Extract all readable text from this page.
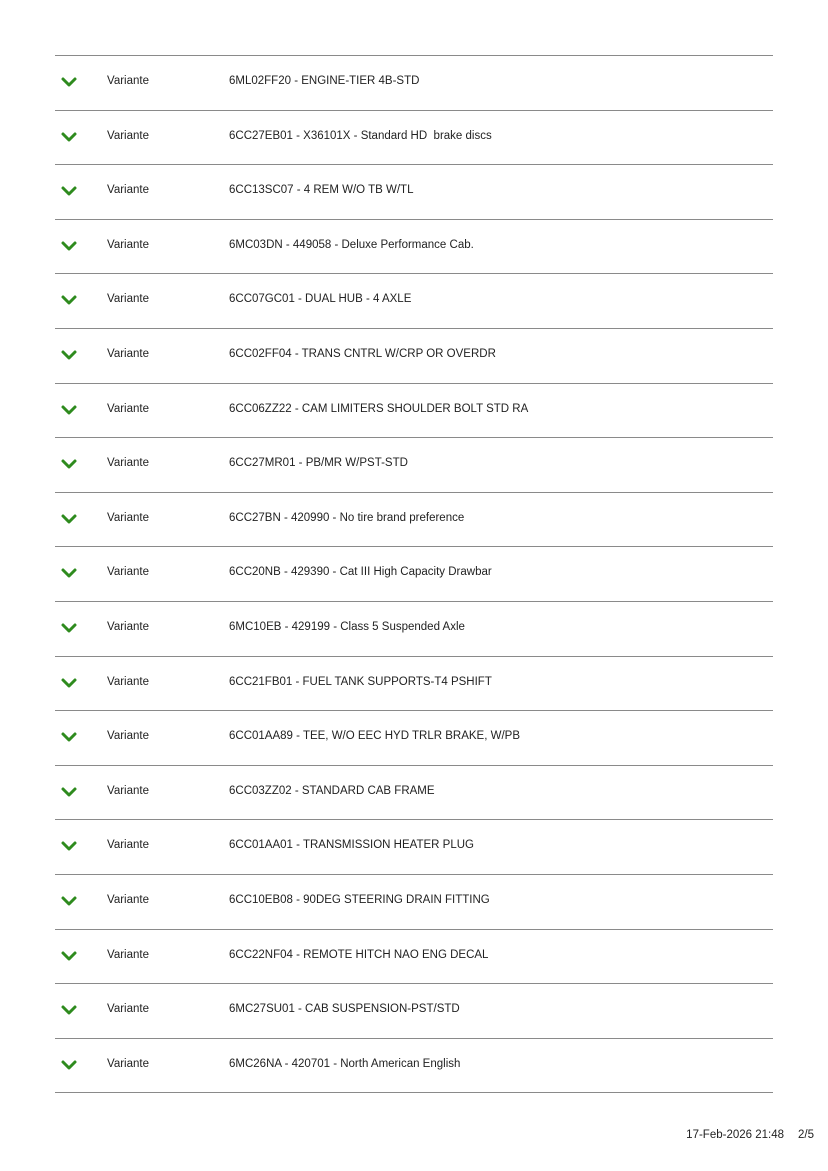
Variante	6ML02FF20 - ENGINE-TIER 4B-STD
Variante	6CC27EB01 - X36101X - Standard HD  brake discs
Variante	6CC13SC07 - 4 REM W/O TB W/TL
Variante	6MC03DN - 449058 - Deluxe Performance Cab.
Variante	6CC07GC01 - DUAL HUB - 4 AXLE
Variante	6CC02FF04 - TRANS CNTRL W/CRP OR OVERDR
Variante	6CC06ZZ22 - CAM LIMITERS SHOULDER BOLT STD RA
Variante	6CC27MR01 - PB/MR W/PST-STD
Variante	6CC27BN - 420990 - No tire brand preference
Variante	6CC20NB - 429390 - Cat III High Capacity Drawbar
Variante	6MC10EB - 429199 - Class 5 Suspended Axle
Variante	6CC21FB01 - FUEL TANK SUPPORTS-T4 PSHIFT
Variante	6CC01AA89 - TEE, W/O EEC HYD TRLR BRAKE, W/PB
Variante	6CC03ZZ02 - STANDARD CAB FRAME
Variante	6CC01AA01 - TRANSMISSION HEATER PLUG
Variante	6CC10EB08 - 90DEG STEERING DRAIN FITTING
Variante	6CC22NF04 - REMOTE HITCH NAO ENG DECAL
Variante	6MC27SU01 - CAB SUSPENSION-PST/STD
Variante	6MC26NA - 420701 - North American English
17-Feb-2026 21:48 2/5
